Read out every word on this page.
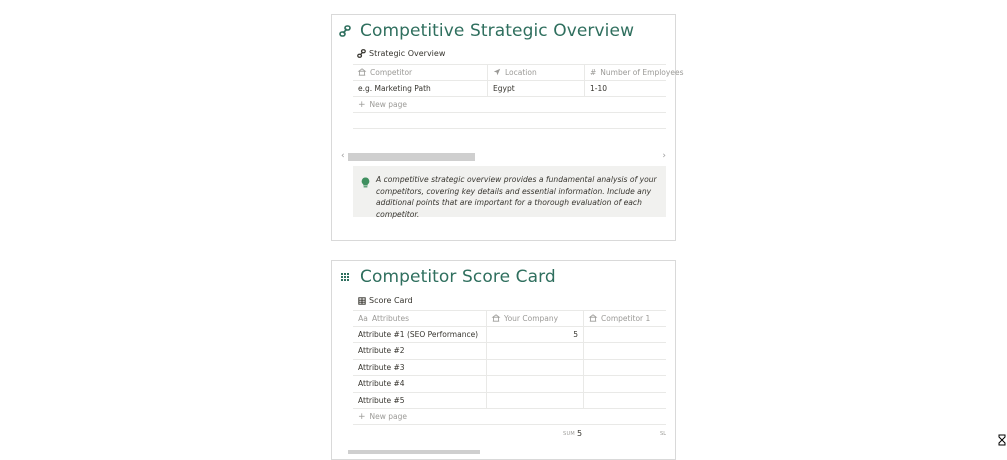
Competitive Strategic Overview
Strategic Overview
Competitor	Location	# Number of Employees
e.g. Marketing Path	Egypt	1-10
+ New page
‹	›
A competitive strategic overview provides a fundamental analysis of your competitors, covering key details and essential information. Include any additional points that are important for a thorough evaluation of each competitor.
Competitor Score Card
Score Card
Aa Attributes	Your Company	Competitor 1
Attribute #1 (SEO Performance)	5
Attribute #2
Attribute #3
Attribute #4
Attribute #5
+ New page
SUM 5	SL
